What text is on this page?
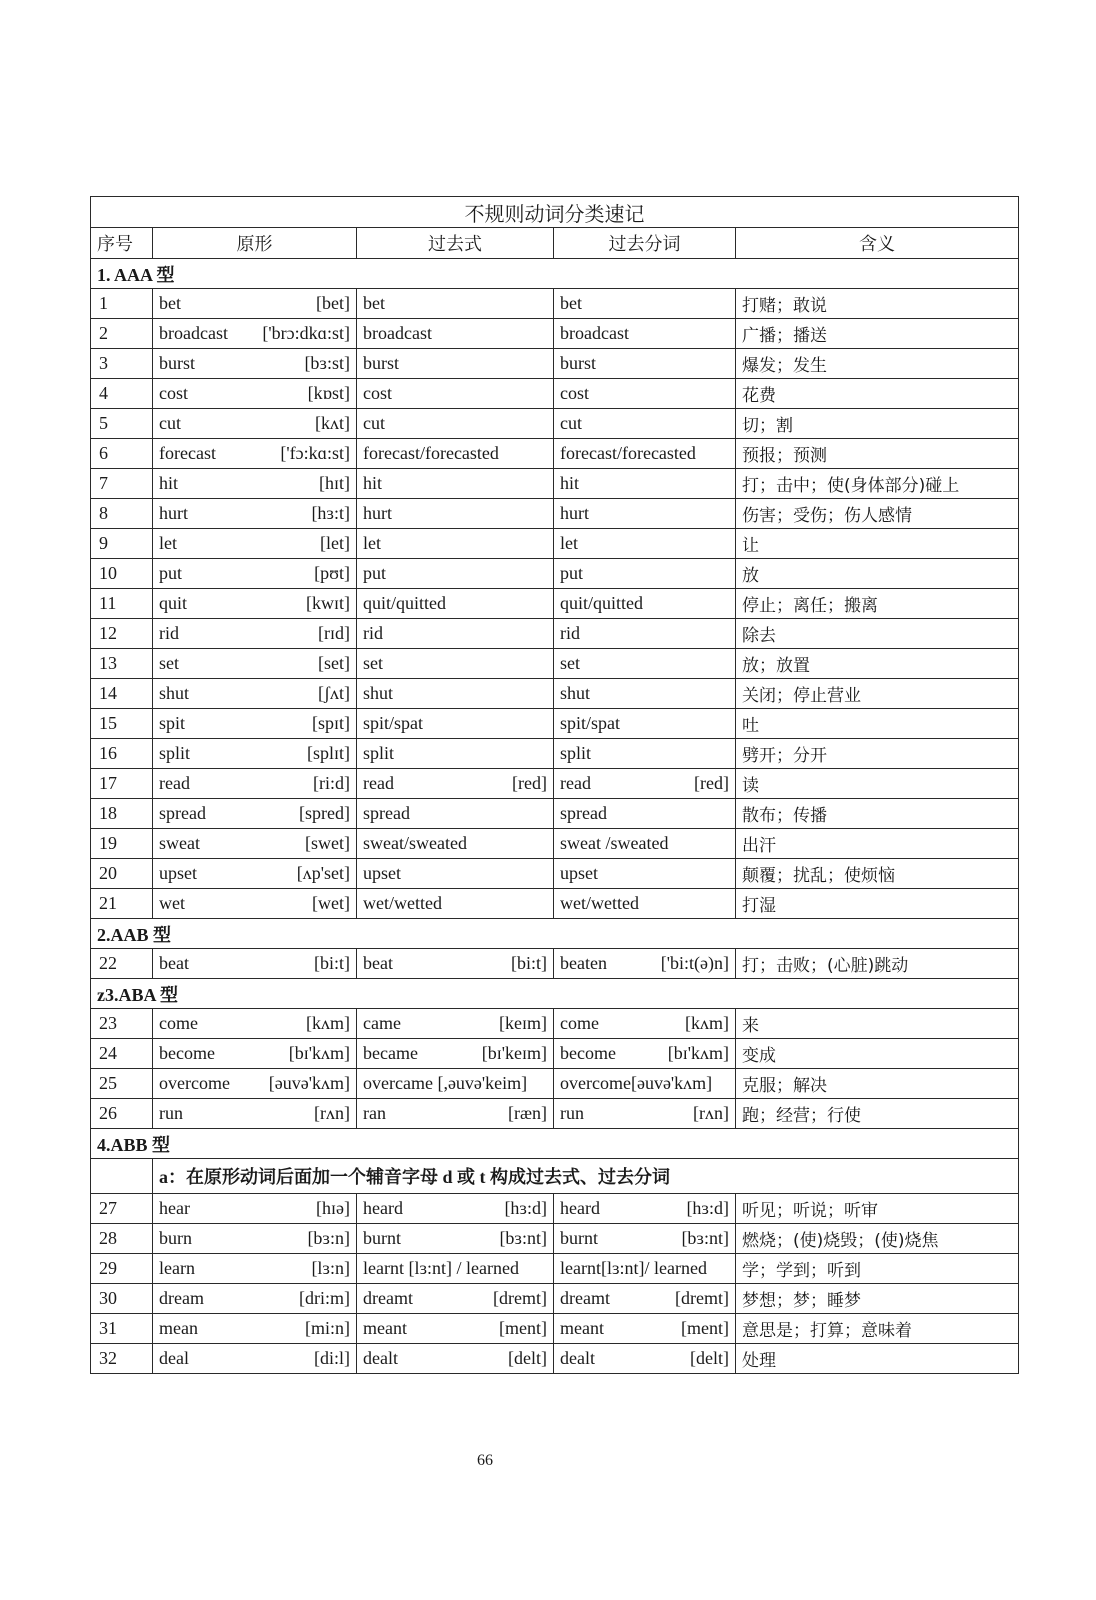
不规则动词分类速记				
序号	原形	过去式	过去分词	含义
1. AAA 型				
1	bet [bet]	bet	bet	打赌；敢说
2	broadcast ['brɔ:dkɑ:st]	broadcast	broadcast	广播；播送
3	burst [bɜ:st]	burst	burst	爆发；发生
4	cost [kɒst]	cost	cost	花费
5	cut [kʌt]	cut	cut	切；割
6	forecast ['fɔ:kɑ:st]	forecast/forecasted	forecast/forecasted	预报；预测
7	hit [hɪt]	hit	hit	打；击中；使(身体部分)碰上
8	hurt [hɜ:t]	hurt	hurt	伤害；受伤；伤人感情
9	let [let]	let	let	让
10	put [pʊt]	put	put	放
11	quit [kwɪt]	quit/quitted	quit/quitted	停止；离任；搬离
12	rid [rɪd]	rid	rid	除去
13	set [set]	set	set	放；放置
14	shut [ʃʌt]	shut	shut	关闭；停止营业
15	spit [spɪt]	spit/spat	spit/spat	吐
16	split [splɪt]	split	split	劈开；分开
17	read [ri:d]	read [red]	read [red]	读
18	spread [spred]	spread	spread	散布；传播
19	sweat [swet]	sweat/sweated	sweat /sweated	出汗
20	upset [ʌp'set]	upset	upset	颠覆；扰乱；使烦恼
21	wet [wet]	wet/wetted	wet/wetted	打湿
2.AAB 型				
22	beat [bi:t]	beat [bi:t]	beaten ['bi:t(ə)n]	打；击败；(心脏)跳动
z3.ABA 型				
23	come [kʌm]	came [keɪm]	come [kʌm]	来
24	become [bɪ'kʌm]	became [bɪ'keɪm]	become [bɪ'kʌm]	变成
25	overcome [əuvə'kʌm]	overcame [,əuvə'keim]	overcome[əuvə'kʌm]	克服；解决
26	run [rʌn]	ran [ræn]	run [rʌn]	跑；经营；行使
4.ABB 型				
	a：在原形动词后面加一个辅音字母 d 或 t 构成过去式、过去分词			
27	hear [hɪə]	heard [hɜ:d]	heard [hɜ:d]	听见；听说；听审
28	burn [bɜ:n]	burnt [bɜ:nt]	burnt [bɜ:nt]	燃烧；(使)烧毁；(使)烧焦
29	learn [lɜ:n]	learnt [lɜ:nt] / learned	learnt[lɜ:nt]/ learned	学；学到；听到
30	dream [dri:m]	dreamt [dremt]	dreamt [dremt]	梦想；梦；睡梦
31	mean [mi:n]	meant [ment]	meant [ment]	意思是；打算；意味着
32	deal [di:l]	dealt [delt]	dealt [delt]	处理
66
